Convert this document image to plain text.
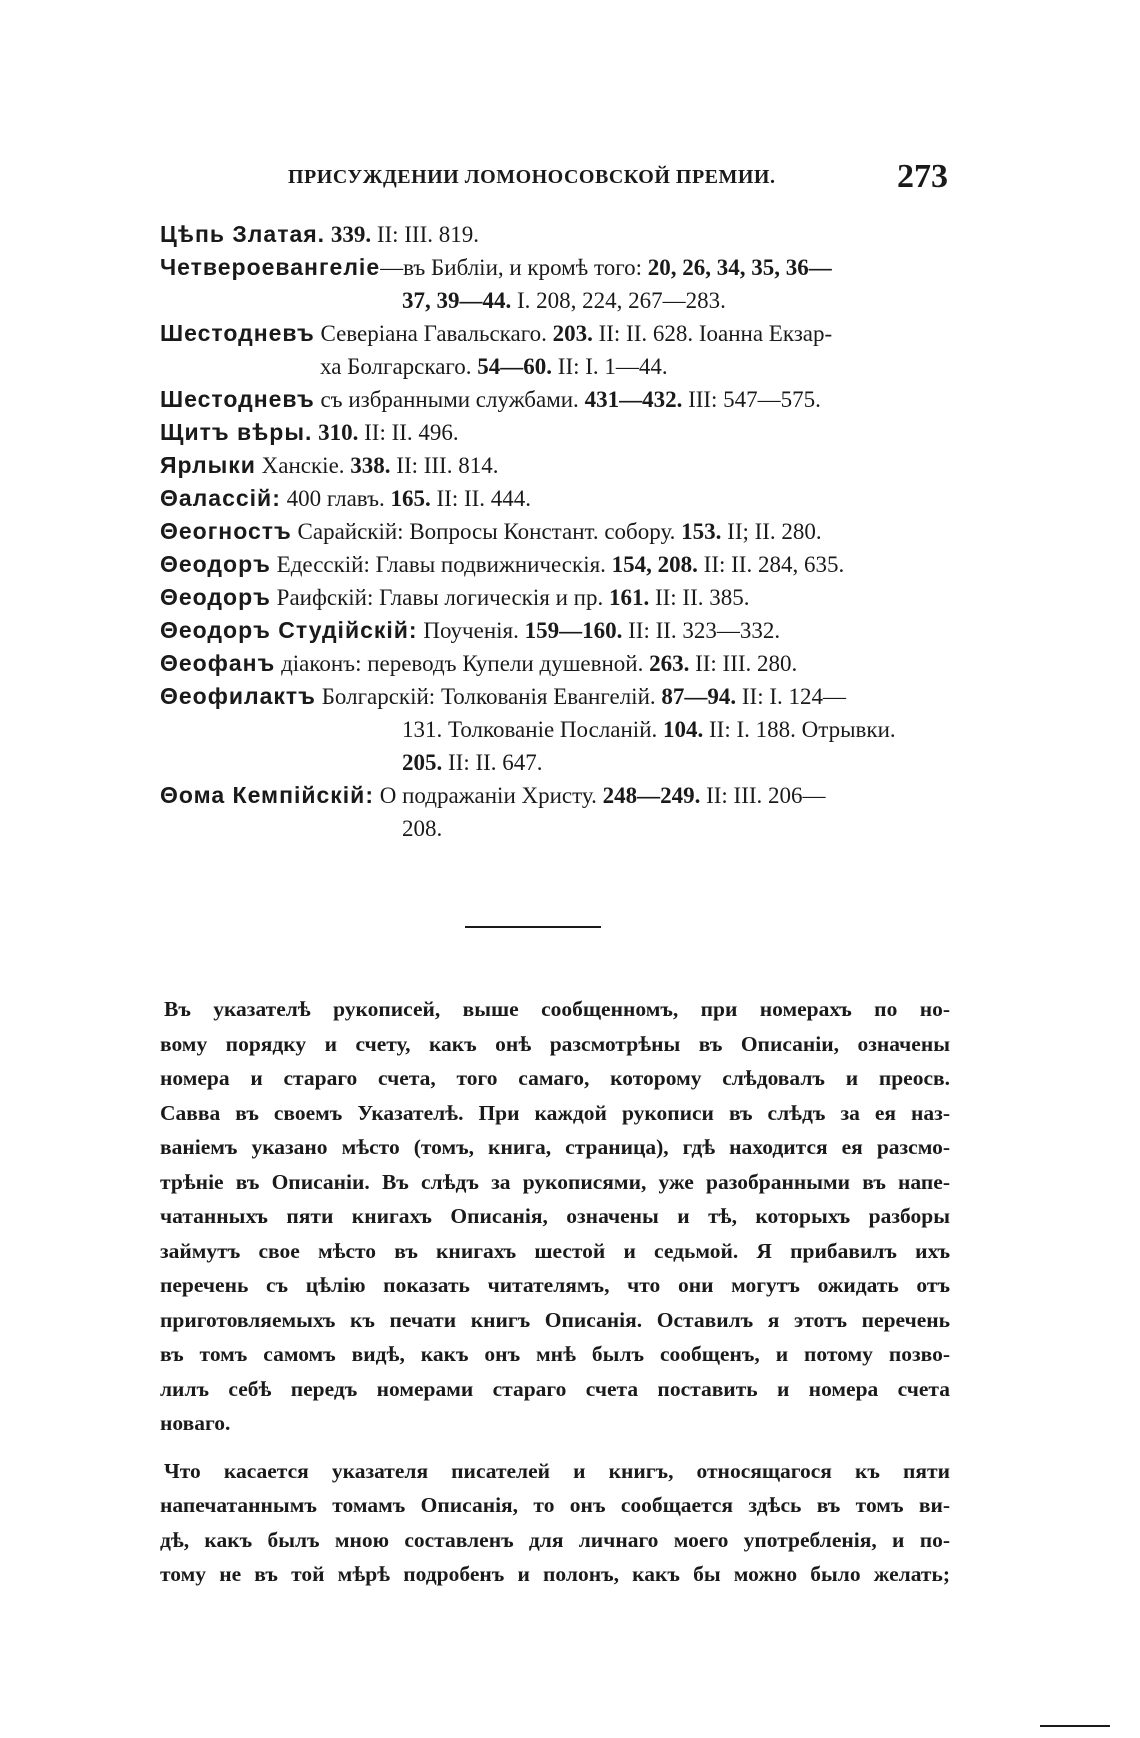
ПРИСУЖДЕНИИ ЛОМОНОСОВСКОЙ ПРЕМИИ.	273
Цѣпь Златая. 339. II: III. 819.
Четвероевангеліе—въ Библіи, и кромѣ того: 20, 26, 34, 35, 36—
37, 39—44. I. 208, 224, 267—283.
Шестодневъ Северіана Гавальскаго. 203. II: II. 628. Іоанна Екзар-
ха Болгарскаго. 54—60. II: I. 1—44.
Шестодневъ съ избранными службами. 431—432. III: 547—575.
Щитъ вѣры. 310. II: II. 496.
Ярлыки Ханскіе. 338. II: III. 814.
Θалассій: 400 главъ. 165. II: II. 444.
Θеогностъ Сарайскій: Вопросы Констант. собору. 153. II; II. 280.
Θеодоръ Едесскій: Главы подвижническія. 154, 208. II: II. 284, 635.
Θеодоръ Раифскій: Главы логическія и пр. 161. II: II. 385.
Θеодоръ Студійскій: Поученія. 159—160. II: II. 323—332.
Θеофанъ діаконъ: переводъ Купели душевной. 263. II: III. 280.
Θеофилактъ Болгарскій: Толкованія Евангелій. 87—94. II: I. 124—
131. Толкованіе Посланій. 104. II: I. 188. Отрывки.
205. II: II. 647.
Θома Кемпійскій: О подражаніи Христу. 248—249. II: III. 206—
208.
Въ указателѣ рукописей, выше сообщенномъ, при номерахъ по но-
вому порядку и счету, какъ онѣ разсмотрѣны въ Описаніи, означены
номера и стараго счета, того самаго, которому слѣдовалъ и преосв.
Савва въ своемъ Указателѣ. При каждой рукописи въ слѣдъ за ея наз-
ваніемъ указано мѣсто (томъ, книга, страница), гдѣ находится ея разсмо-
трѣніе въ Описаніи. Въ слѣдъ за рукописями, уже разобранными въ напе-
чатанныхъ пяти книгахъ Описанія, означены и тѣ, которыхъ разборы
займутъ свое мѣсто въ книгахъ шестой и седьмой. Я прибавилъ ихъ
перечень съ цѣлію показать читателямъ, что они могутъ ожидать отъ
приготовляемыхъ къ печати книгъ Описанія. Оставилъ я этотъ перечень
въ томъ самомъ видѣ, какъ онъ мнѣ былъ сообщенъ, и потому позво-
лилъ себѣ передъ номерами стараго счета поставить и номера счета
новаго.
Что касается указателя писателей и книгъ, относящагося къ пяти
напечатаннымъ томамъ Описанія, то онъ сообщается здѣсь въ томъ ви-
дѣ, какъ былъ мною составленъ для личнаго моего употребленія, и по-
тому не въ той мѣрѣ подробенъ и полонъ, какъ бы можно было желать;
